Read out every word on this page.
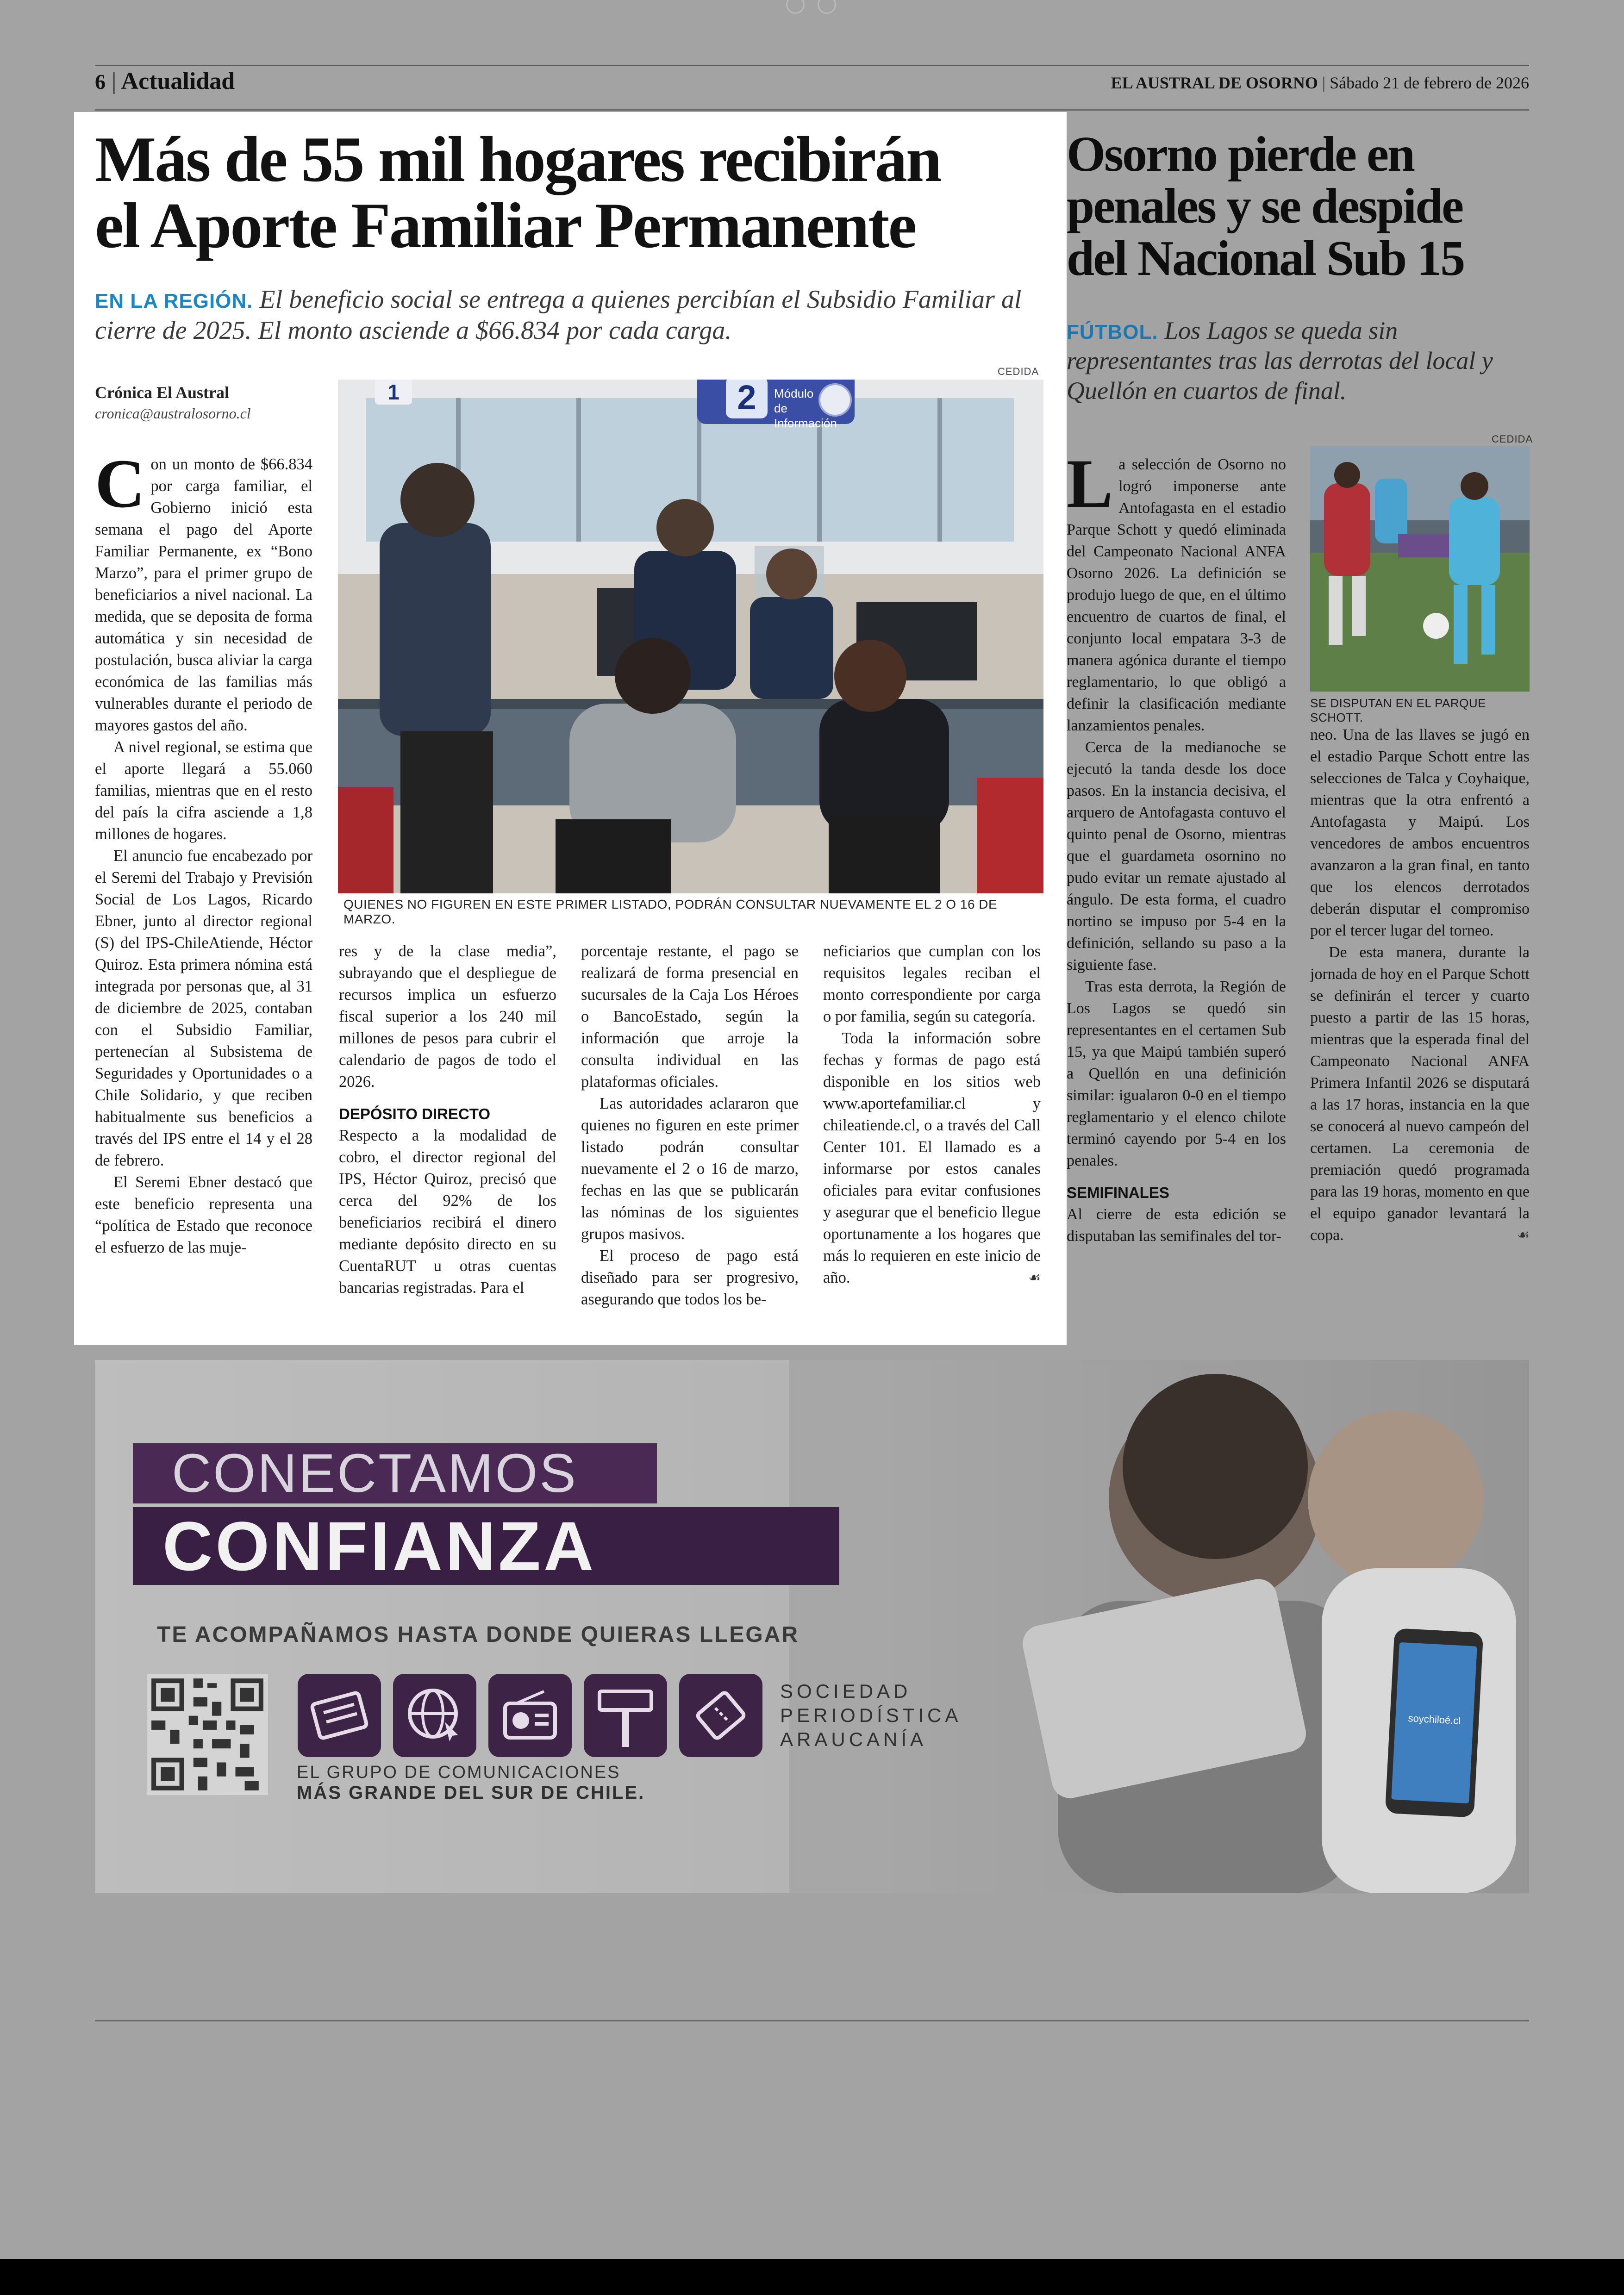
6 | Actualidad	EL AUSTRAL DE OSORNO | Sábado 21 de febrero de 2026
Más de 55 mil hogares recibirán
el Aporte Familiar Permanente
EN LA REGIÓN. El beneficio social se entrega a quienes percibían el Subsidio Familiar al cierre de 2025. El monto asciende a $66.834 por cada carga.
Crónica El Austral
cronica@australosorno.cl
CEDIDA
1	2	Módulo de Información
QUIENES NO FIGUREN EN ESTE PRIMER LISTADO, PODRÁN CONSULTAR NUEVAMENTE EL 2 O 16 DE MARZO.

Con un monto de $66.834 por carga familiar, el Gobierno inició esta semana el pago del Aporte Familiar Permanente, ex “Bono Marzo”, para el primer grupo de beneficiarios a nivel nacional. La medida, que se deposita de forma automática y sin necesidad de postulación, busca aliviar la carga económica de las familias más vulnerables durante el periodo de mayores gastos del año.

A nivel regional, se estima que el aporte llegará a 55.060 familias, mientras que en el resto del país la cifra asciende a 1,8 millones de hogares.

El anuncio fue encabezado por el Seremi del Trabajo y Previsión Social de Los Lagos, Ricardo Ebner, junto al director regional (S) del IPS-ChileAtiende, Héctor Quiroz. Esta primera nómina está integrada por personas que, al 31 de diciembre de 2025, contaban con el Subsidio Familiar, pertenecían al Subsistema de Seguridades y Oportunidades o a Chile Solidario, y que reciben habitualmente sus beneficios a través del IPS entre el 14 y el 28 de febrero.

El Seremi Ebner destacó que este beneficio representa una “política de Estado que reconoce el esfuerzo de las muje-

res y de la clase media”, subrayando que el despliegue de recursos implica un esfuerzo fiscal superior a los 240 mil millones de pesos para cubrir el calendario de pagos de todo el 2026.

DEPÓSITO DIRECTO

Respecto a la modalidad de cobro, el director regional del IPS, Héctor Quiroz, precisó que cerca del 92% de los beneficiarios recibirá el dinero mediante depósito directo en su CuentaRUT u otras cuentas bancarias registradas. Para el

porcentaje restante, el pago se realizará de forma presencial en sucursales de la Caja Los Héroes o BancoEstado, según la información que arroje la consulta individual en las plataformas oficiales.

Las autoridades aclararon que quienes no figuren en este primer listado podrán consultar nuevamente el 2 o 16 de marzo, fechas en las que se publicarán las nóminas de los siguientes grupos masivos.

El proceso de pago está diseñado para ser progresivo, asegurando que todos los be-

neficiarios que cumplan con los requisitos legales reciban el monto correspondiente por carga o por familia, según su categoría.

Toda la información sobre fechas y formas de pago está disponible en los sitios web www.aportefamiliar.cl y chileatiende.cl, o a través del Call Center 101. El llamado es a informarse por estos canales oficiales para evitar confusiones y asegurar que el beneficio llegue oportunamente a los hogares que más lo requieren en este inicio de año.	☙

Osorno pierde en
penales y se despide
del Nacional Sub 15
FÚTBOL. Los Lagos se queda sin representantes tras las derrotas del local y Quellón en cuartos de final.
CEDIDA
SE DISPUTAN EN EL PARQUE SCHOTT.

La selección de Osorno no logró imponerse ante Antofagasta en el estadio Parque Schott y quedó eliminada del Campeonato Nacional ANFA Osorno 2026. La definición se produjo luego de que, en el último encuentro de cuartos de final, el conjunto local empatara 3-3 de manera agónica durante el tiempo reglamentario, lo que obligó a definir la clasificación mediante lanzamientos penales.

Cerca de la medianoche se ejecutó la tanda desde los doce pasos. En la instancia decisiva, el arquero de Antofagasta contuvo el quinto penal de Osorno, mientras que el guardameta osornino no pudo evitar un remate ajustado al ángulo. De esta forma, el cuadro nortino se impuso por 5-4 en la definición, sellando su paso a la siguiente fase.

Tras esta derrota, la Región de Los Lagos se quedó sin representantes en el certamen Sub 15, ya que Maipú también superó a Quellón en una definición similar: igualaron 0-0 en el tiempo reglamentario y el elenco chilote terminó cayendo por 5-4 en los penales.

SEMIFINALES

Al cierre de esta edición se disputaban las semifinales del tor-

neo. Una de las llaves se jugó en el estadio Parque Schott entre las selecciones de Talca y Coyhaique, mientras que la otra enfrentó a Antofagasta y Maipú. Los vencedores de ambos encuentros avanzaron a la gran final, en tanto que los elencos derrotados deberán disputar el compromiso por el tercer lugar del torneo.

De esta manera, durante la jornada de hoy en el Parque Schott se definirán el tercer y cuarto puesto a partir de las 15 horas, mientras que la esperada final del Campeonato Nacional ANFA Primera Infantil 2026 se disputará a las 17 horas, instancia en la que se conocerá al nuevo campeón del certamen. La ceremonia de premiación quedó programada para las 19 horas, momento en que el equipo ganador levantará la copa.	☙

CONECTAMOS
CONFIANZA
TE ACOMPAÑAMOS HASTA DONDE QUIERAS LLEGAR
EL GRUPO DE COMUNICACIONES
MÁS GRANDE DEL SUR DE CHILE.
SOCIEDAD
PERIODÍSTICA
ARAUCANÍA
soychiloé.cl
